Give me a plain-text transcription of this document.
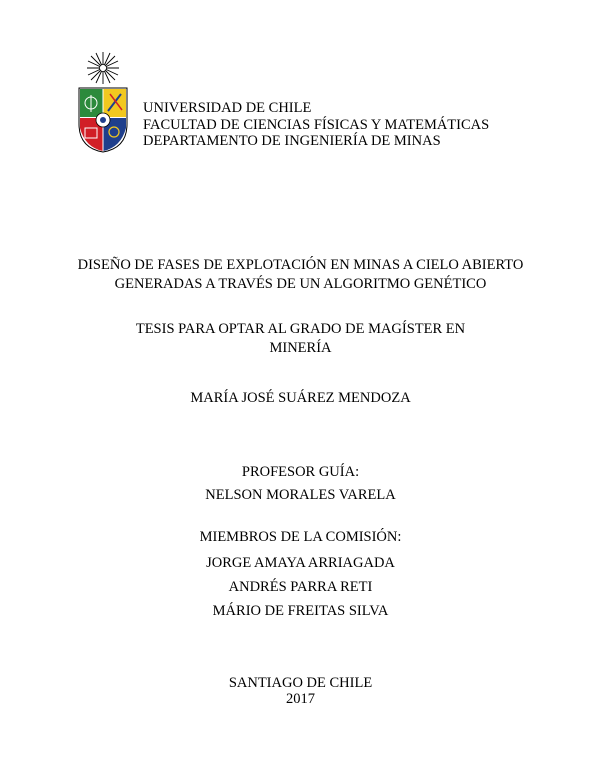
UNIVERSIDAD DE CHILE
FACULTAD DE CIENCIAS FÍSICAS Y MATEMÁTICAS
DEPARTAMENTO DE INGENIERÍA DE MINAS
DISEÑO DE FASES DE EXPLOTACIÓN EN MINAS A CIELO ABIERTO
GENERADAS A TRAVÉS DE UN ALGORITMO GENÉTICO
TESIS PARA OPTAR AL GRADO DE MAGÍSTER EN
MINERÍA
MARÍA JOSÉ SUÁREZ MENDOZA
PROFESOR GUÍA:
NELSON MORALES VARELA
MIEMBROS DE LA COMISIÓN:
JORGE AMAYA ARRIAGADA
ANDRÉS PARRA RETI
MÁRIO DE FREITAS SILVA
SANTIAGO DE CHILE
2017
